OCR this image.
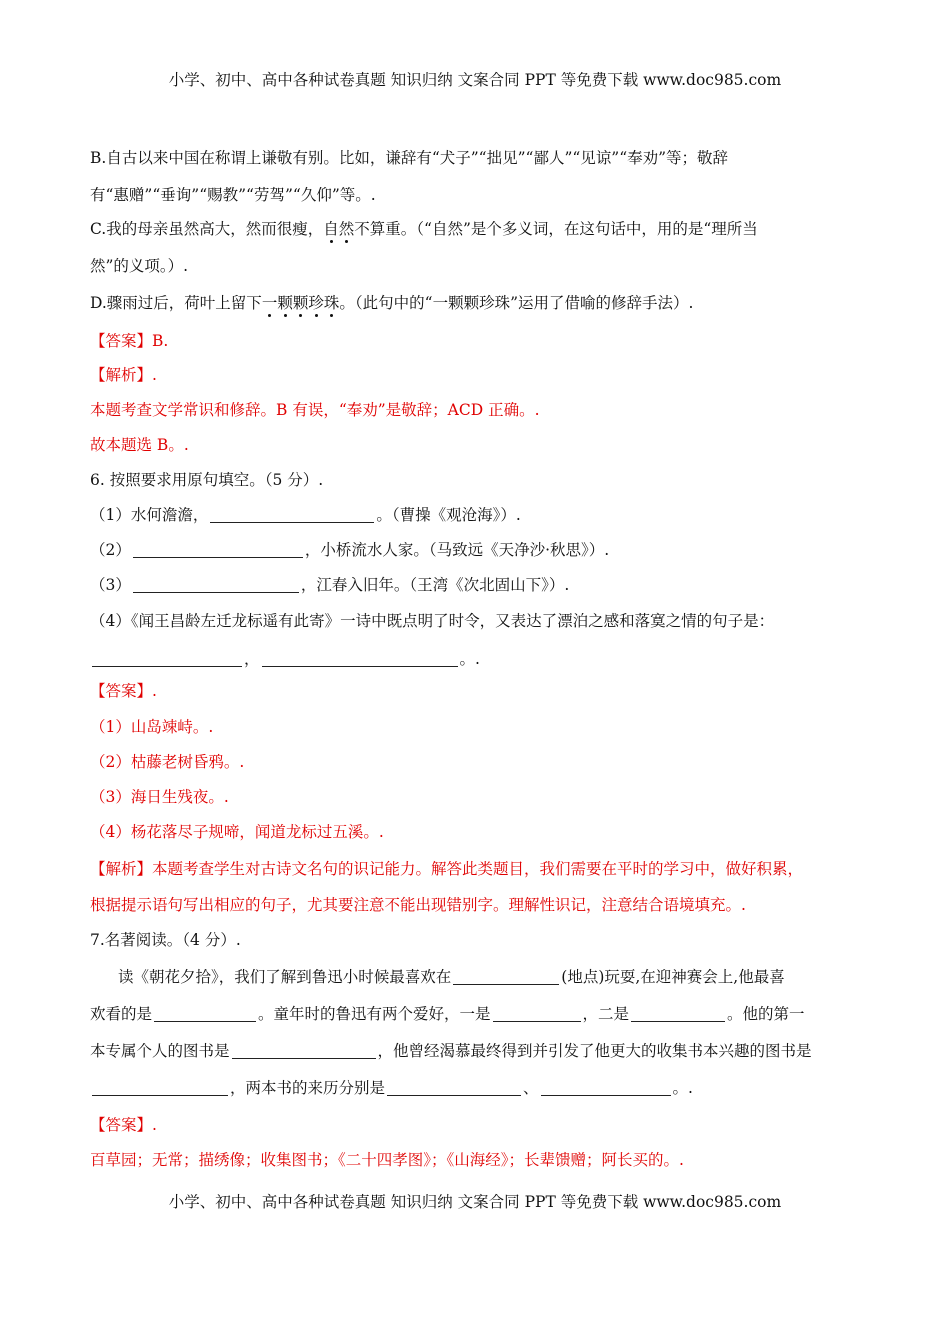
小学、初中、高中各种试卷真题 知识归纳 文案合同 PPT 等免费下载 www.doc985.com
B.自古以来中国在称谓上谦敬有别。比如，谦辞有“犬子”“拙见”“鄙人”“见谅”“奉劝”等；敬辞
有“惠赠”“垂询”“赐教”“劳驾”“久仰”等。.
C.我的母亲虽然高大，然而很瘦，自然不算重。（“自然”是个多义词，在这句话中，用的是“理所当
然”的义项。）.
D.骤雨过后，荷叶上留下一颗颗珍珠。（此句中的“一颗颗珍珠”运用了借喻的修辞手法）.
【答案】B.
【解析】.
本题考查文学常识和修辞。B 有误，“奉劝”是敬辞；ACD 正确。.
故本题选 B。.
6. 按照要求用原句填空。（5 分）.
（1）水何澹澹，	。（曹操《观沧海》）.
（2）	，小桥流水人家。（马致远《天净沙·秋思》）.
（3）	，江春入旧年。（王湾《次北固山下》）.
（4）《闻王昌龄左迁龙标遥有此寄》一诗中既点明了时令，又表达了漂泊之感和落寞之情的句子是：
，	。.
【答案】.
（1）山岛竦峙。.
（2）枯藤老树昏鸦。.
（3）海日生残夜。.
（4）杨花落尽子规啼，闻道龙标过五溪。.
【解析】本题考查学生对古诗文名句的识记能力。解答此类题目，我们需要在平时的学习中，做好积累，
根据提示语句写出相应的句子，尤其要注意不能出现错别字。理解性识记，注意结合语境填充。.
7.名著阅读。（4 分）.
读《朝花夕拾》，我们了解到鲁迅小时候最喜欢在	(地点)玩耍,在迎神赛会上,他最喜
欢看的是	。童年时的鲁迅有两个爱好，一是	，二是	。他的第一
本专属个人的图书是	，他曾经渴慕最终得到并引发了他更大的收集书本兴趣的图书是
，两本书的来历分别是	、	。.
【答案】.
百草园；无常；描绣像；收集图书；《二十四孝图》；《山海经》；长辈馈赠；阿长买的。.
小学、初中、高中各种试卷真题 知识归纳 文案合同 PPT 等免费下载 www.doc985.com
